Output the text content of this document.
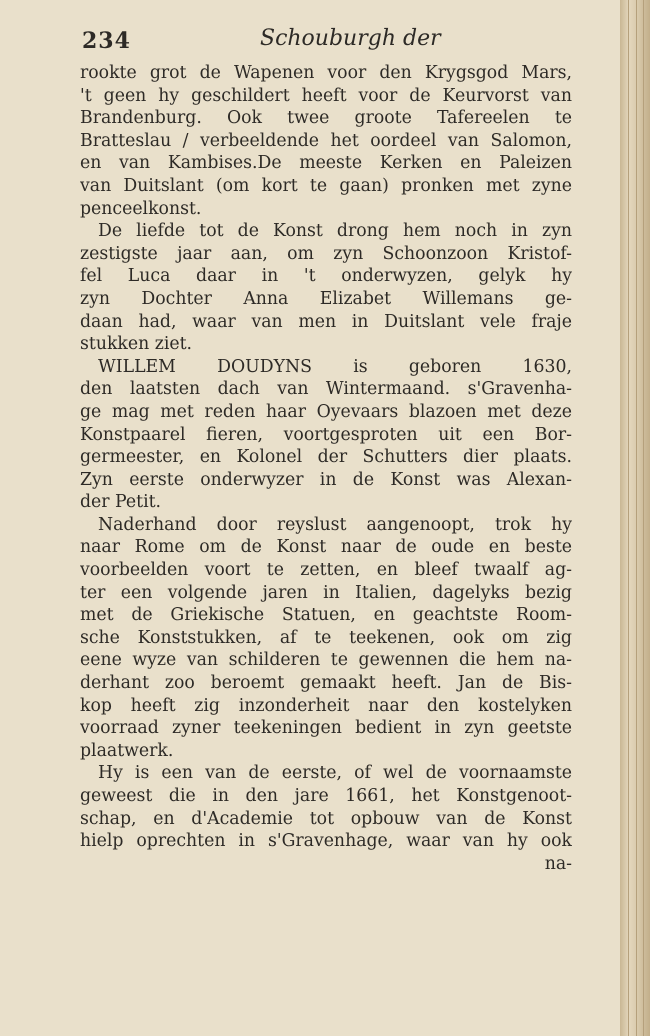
234	Schouburgh der
rookte grot de Wapenen voor den Krygsgod Mars,
't geen hy geschildert heeft voor de Keurvorst van
Brandenburg. Ook twee groote Tafereelen te
Bratteslau / verbeeldende het oordeel van Salomon,
en van Kambises.De meeste Kerken en Paleizen
van Duitslant (om kort te gaan) pronken met zyne
penceelkonst.
De liefde tot de Konst drong hem noch in zyn
zestigste jaar aan, om zyn Schoonzoon Kristof-
fel Luca daar in 't onderwyzen, gelyk hy
zyn Dochter Anna Elizabet Willemans ge-
daan had, waar van men in Duitslant vele fraje
stukken ziet.
WILLEM DOUDYNS is geboren 1630,
den laatsten dach van Wintermaand. s'Gravenha-
ge mag met reden haar Oyevaars blazoen met deze
Konstpaarel fieren, voortgesproten uit een Bor-
germeester, en Kolonel der Schutters dier plaats.
Zyn eerste onderwyzer in de Konst was Alexan-
der Petit.
Naderhand door reyslust aangenoopt, trok hy
naar Rome om de Konst naar de oude en beste
voorbeelden voort te zetten, en bleef twaalf ag-
ter een volgende jaren in Italien, dagelyks bezig
met de Griekische Statuen, en geachtste Room-
sche Konststukken, af te teekenen, ook om zig
eene wyze van schilderen te gewennen die hem na-
derhant zoo beroemt gemaakt heeft. Jan de Bis-
kop heeft zig inzonderheit naar den kostelyken
voorraad zyner teekeningen bedient in zyn geetste
plaatwerk.
Hy is een van de eerste, of wel de voornaamste
geweest die in den jare 1661, het Konstgenoot-
schap, en d'Academie tot opbouw van de Konst
hielp oprechten in s'Gravenhage, waar van hy ook
na-
